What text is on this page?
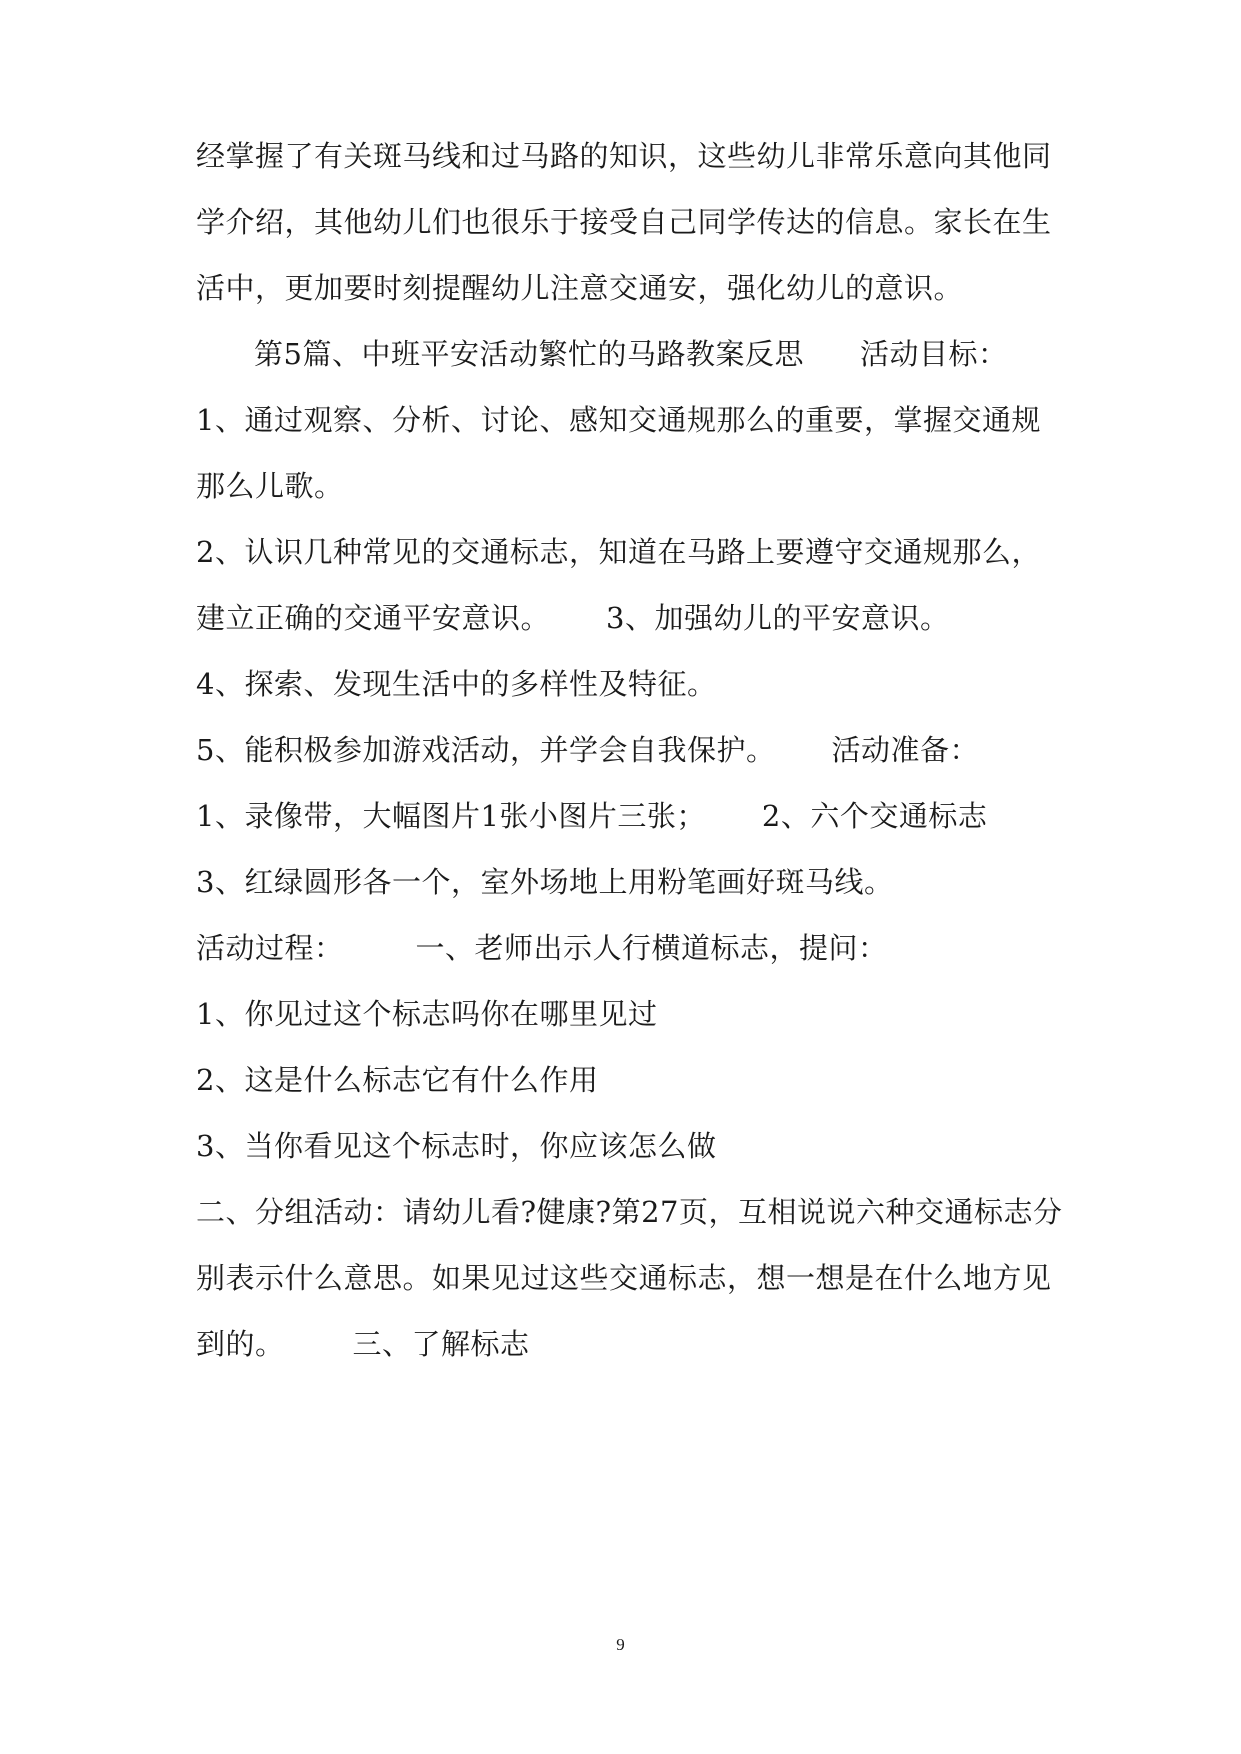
经掌握了有关斑马线和过马路的知识，这些幼儿非常乐意向其他同
学介绍，其他幼儿们也很乐于接受自己同学传达的信息。家长在生
活中，更加要时刻提醒幼儿注意交通安，强化幼儿的意识。
第5篇、中班平安活动繁忙的马路教案反思 活动目标：
1、通过观察、分析、讨论、感知交通规那么的重要，掌握交通规
那么儿歌。
2、认识几种常见的交通标志，知道在马路上要遵守交通规那么，
建立正确的交通平安意识。 3、加强幼儿的平安意识。
4、探索、发现生活中的多样性及特征。
5、能积极参加游戏活动，并学会自我保护。 活动准备：
1、录像带，大幅图片1张小图片三张； 2、六个交通标志
3、红绿圆形各一个，室外场地上用粉笔画好斑马线。
活动过程： 一、老师出示人行横道标志，提问：
1、你见过这个标志吗你在哪里见过
2、这是什么标志它有什么作用
3、当你看见这个标志时，你应该怎么做
二、分组活动：请幼儿看?健康?第27页，互相说说六种交通标志分
别表示什么意思。如果见过这些交通标志，想一想是在什么地方见
到的。 三、了解标志
9
